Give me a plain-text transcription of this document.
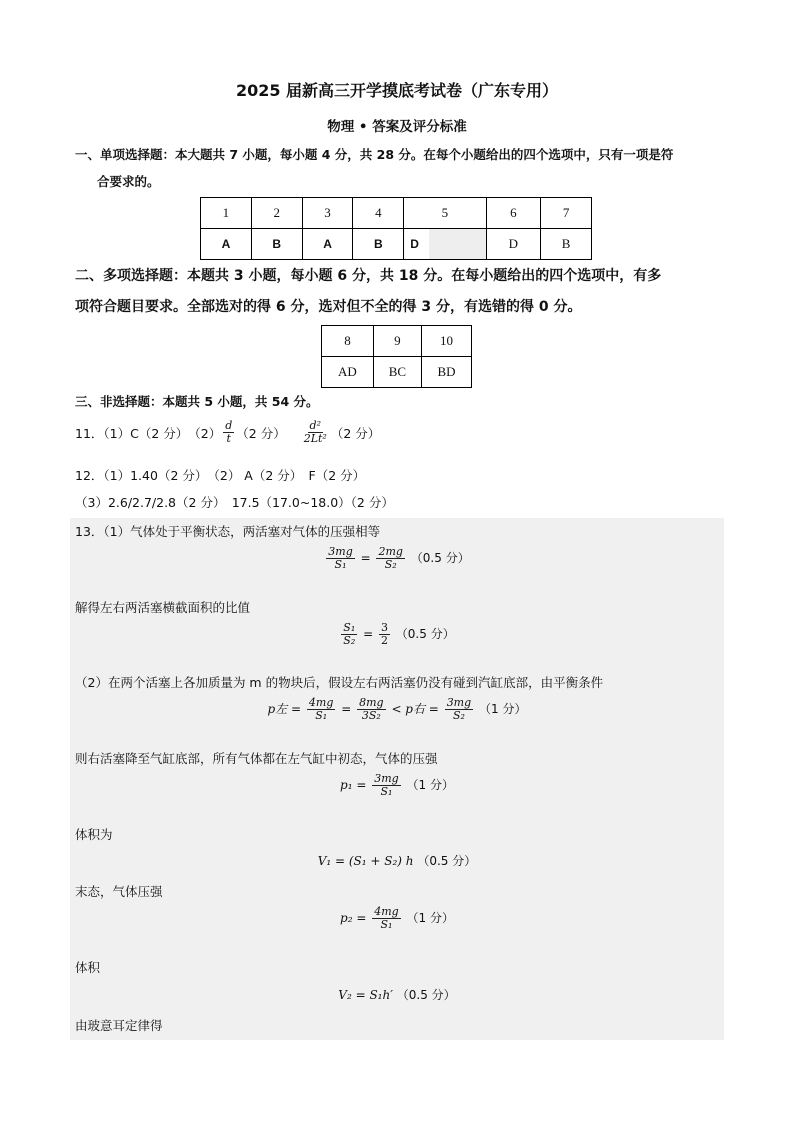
2025 届新高三开学摸底考试卷（广东专用）
物理 • 答案及评分标准
一、单项选择题：本大题共 7 小题，每小题 4 分，共 28 分。在每个小题给出的四个选项中，只有一项是符
合要求的。
1	2	3	4	5	6	7
A	B	A	B	D	D	B
二、多项选择题：本题共 3 小题，每小题 6 分，共 18 分。在每小题给出的四个选项中，有多
项符合题目要求。全部选对的得 6 分，选对但不全的得 3 分，有选错的得 0 分。
8	9	10
AD	BC	BD
三、非选择题：本题共 5 小题，共 54 分。
11．（1）C（2 分）　$(2) \frac{d}{t} (2$ 分） $\frac{\text{d²}}{\text{2Lt²}} (2$ 分）
12．（1）1.40（2 分）　（2） A（2 分）　F（2 分）
（3）2.6/2.7/2.8（2 分）　17.5（17.0~18.0）（2 分）
13．（1）气体处于平衡状态，两活塞对气体的压强相等
$\frac{3mg}{\text{S₁}} = \frac{2mg}{\text{S₂}} (0.5$ 分）
解得左右两活塞横截面积的比值
$\frac{\text{S₁}}{\text{S₂}} = \frac{3}{2} (0.5$ 分）
（2）在两个活塞上各加质量为 m 的物块后，假设左右两活塞仍没有碰到汽缸底部，由平衡条件
p左 = $\frac{4mg}{\text{S₁}} = \frac{8mg}{\text{3S₂}} < p$右 = $\frac{3mg}{\text{S₂}} (1$ 分）
则右活塞降至气缸底部，所有气体都在左气缸中初态，气体的压强
$p_1 = \frac{3mg}{\text{S₁}} (1$ 分）
体积为
V₁ = (S₁ + S₂) h （0.5 分）
末态，气体压强
$p_2 = \frac{4mg}{\text{S₁}} (1$ 分）
体积
V₂ = S₁h′ （0.5 分）
由玻意耳定律得
